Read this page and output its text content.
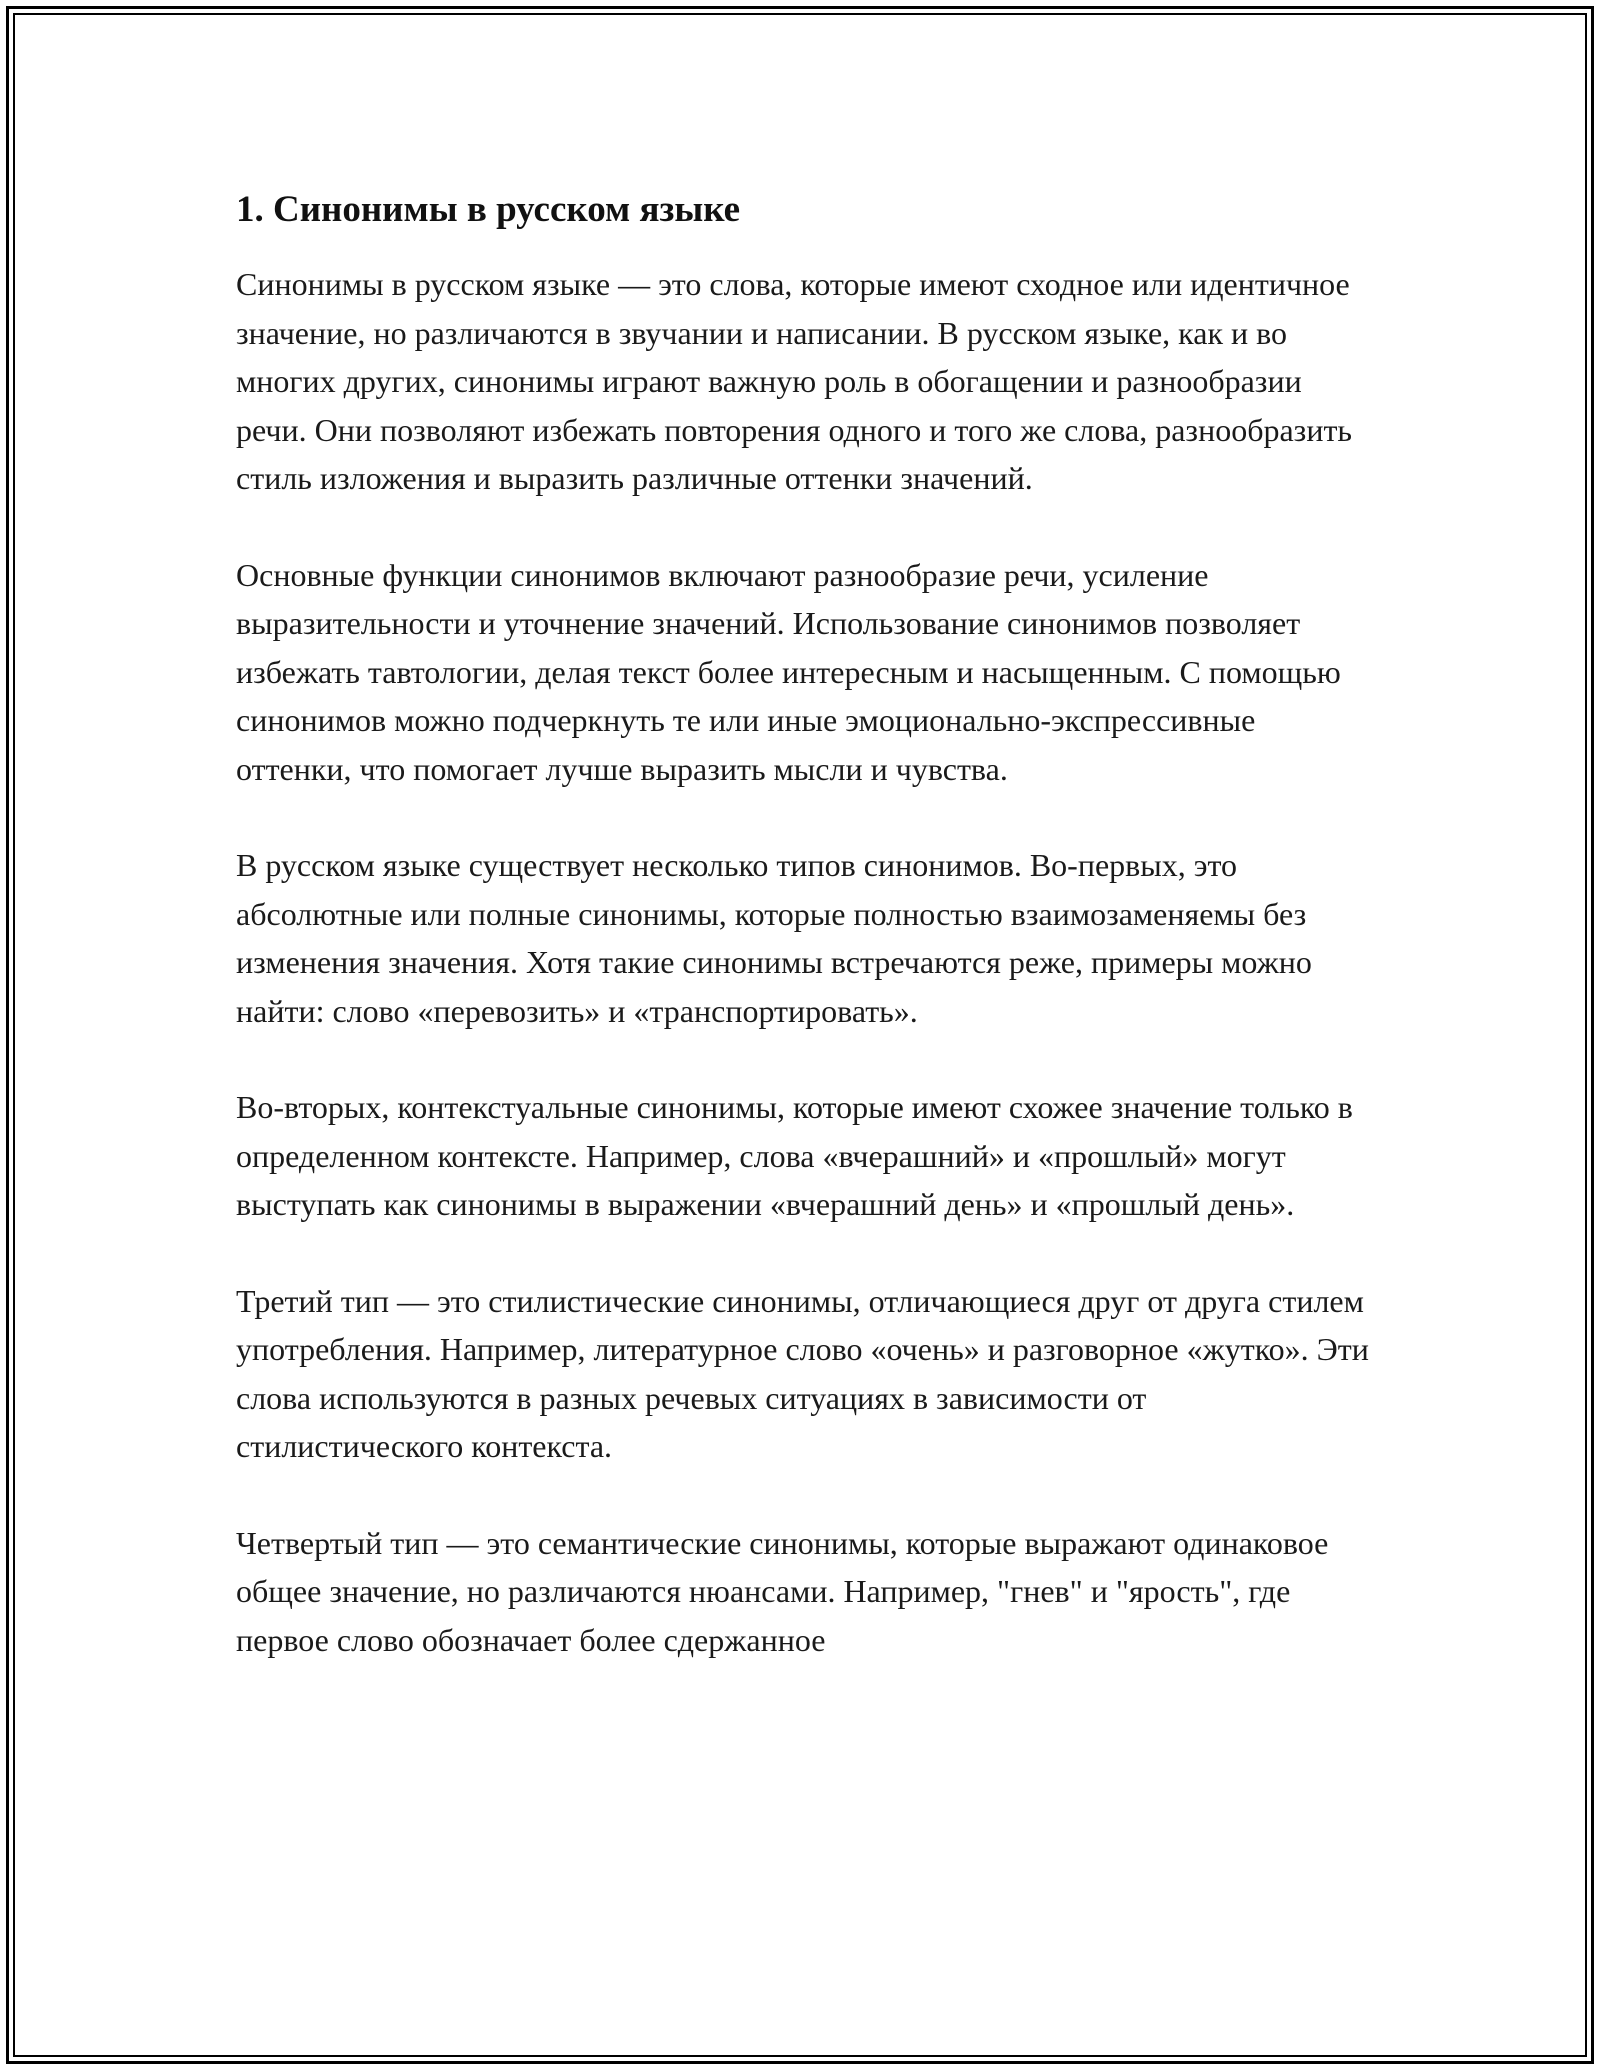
1. Синонимы в русском языке

Синонимы в русском языке — это слова, которые имеют сходное или идентичное значение, но различаются в звучании и написании. В русском языке, как и во многих других, синонимы играют важную роль в обогащении и разнообразии речи. Они позволяют избежать повторения одного и того же слова, разнообразить стиль изложения и выразить различные оттенки значений.

Основные функции синонимов включают разнообразие речи, усиление выразительности и уточнение значений. Использование синонимов позволяет избежать тавтологии, делая текст более интересным и насыщенным. С помощью синонимов можно подчеркнуть те или иные эмоционально-экспрессивные оттенки, что помогает лучше выразить мысли и чувства.

В русском языке существует несколько типов синонимов. Во-первых, это абсолютные или полные синонимы, которые полностью взаимозаменяемы без изменения значения. Хотя такие синонимы встречаются реже, примеры можно найти: слово «перевозить» и «транспортировать».

Во-вторых, контекстуальные синонимы, которые имеют схожее значение только в определенном контексте. Например, слова «вчерашний» и «прошлый» могут выступать как синонимы в выражении «вчерашний день» и «прошлый день».

Третий тип — это стилистические синонимы, отличающиеся друг от друга стилем употребления. Например, литературное слово «очень» и разговорное «жутко». Эти слова используются в разных речевых ситуациях в зависимости от стилистического контекста.

Четвертый тип — это семантические синонимы, которые выражают одинаковое общее значение, но различаются нюансами. Например, "гнев" и "ярость", где первое слово обозначает более сдержанное
